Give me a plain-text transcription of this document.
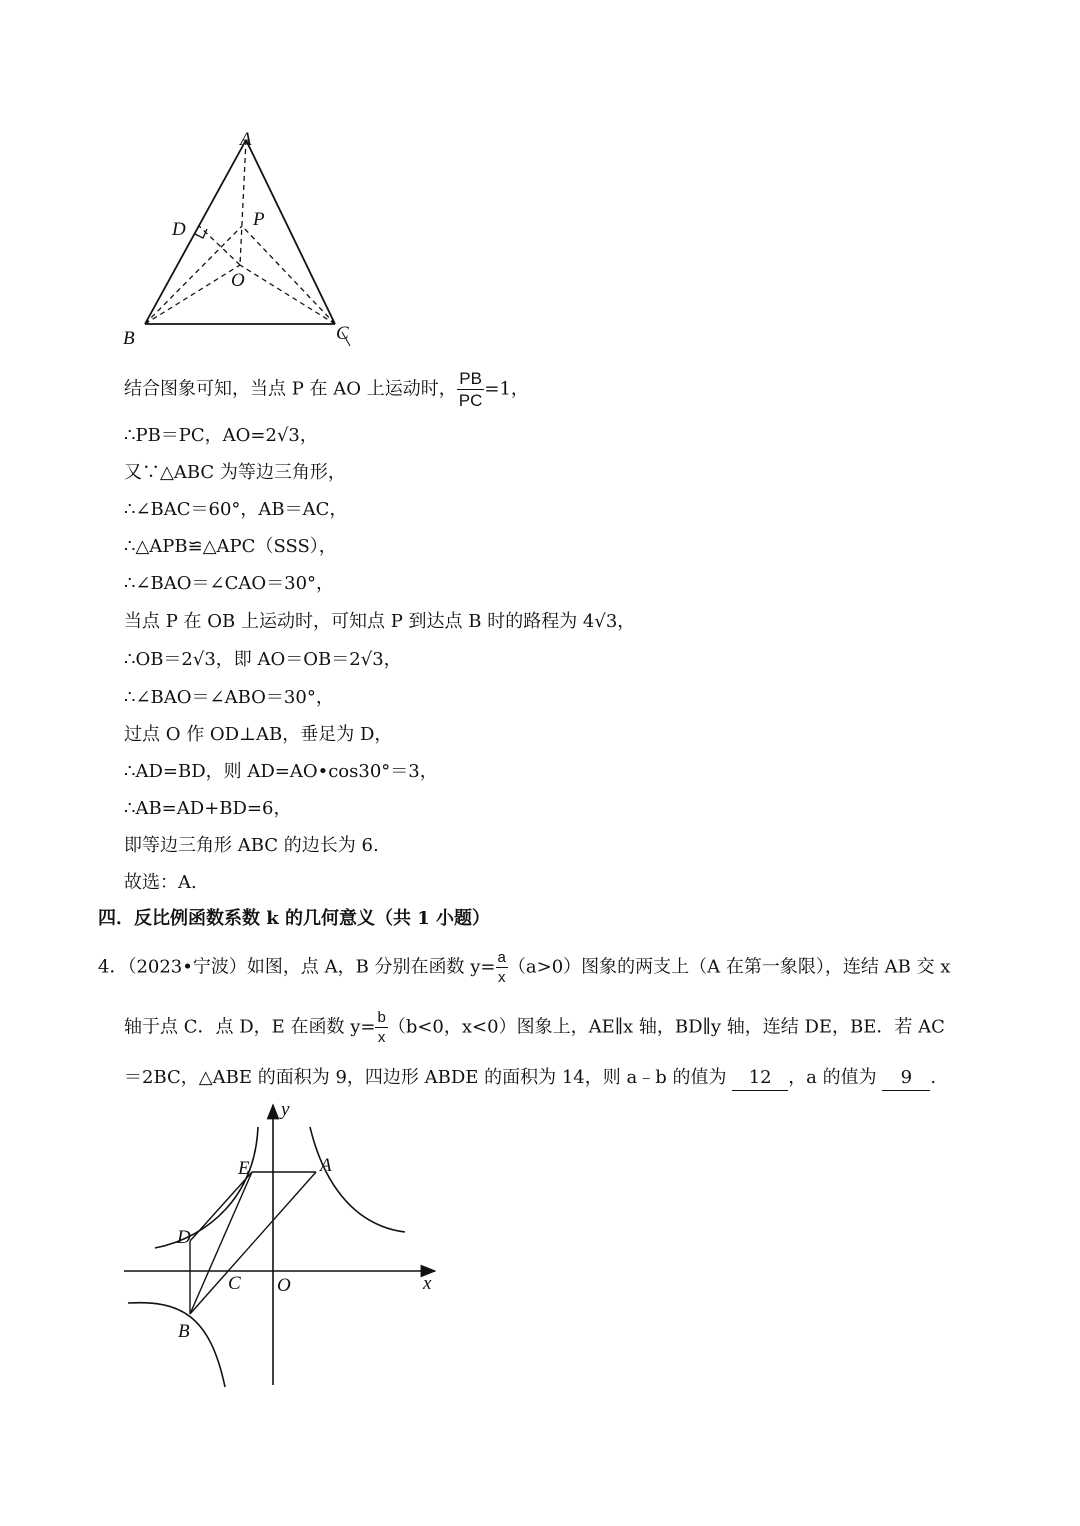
A
B	C
D
O
P
结合图象可知，当点 P 在 AO 上运动时， $\frac{PB}{PC} =1$，
∴PB＝PC，AO=2√3，
又∵△ABC 为等边三角形，
∴∠BAC＝60°，AB＝AC，
∴△APB≌△APC（SSS），
∴∠BAO＝∠CAO＝30°，
当点 P 在 OB 上运动时，可知点 P 到达点 B 时的路程为 4√3，
∴OB＝2√3，即 AO＝OB＝2√3，
∴∠BAO＝∠ABO＝30°，
过点 O 作 OD⊥AB，垂足为 D，
∴AD=BD，则 AD=AO•cos30°＝3，
∴AB=AD+BD=6，
即等边三角形 ABC 的边长为 6.
故选：A.
四．反比例函数系数 k 的几何意义（共 1 小题）
4．（2023•宁波）如图，点 A，B 分别在函数 $y= \frac{a}{x} (a>0)$图象的两支上（A 在第一象限），连结 AB 交 x
轴于点 C．点 D，E 在函数 $y= \frac{b}{x} (b<0$，x<0）图象上，AE∥x 轴，BD∥y 轴，连结 DE，BE．若 AC
＝2BC，△ABE 的面积为 9，四边形 ABDE 的面积为 14，则 a﹣b 的值为 12 ，a 的值为 9 .
x
y
O
A
B
C
D
E
